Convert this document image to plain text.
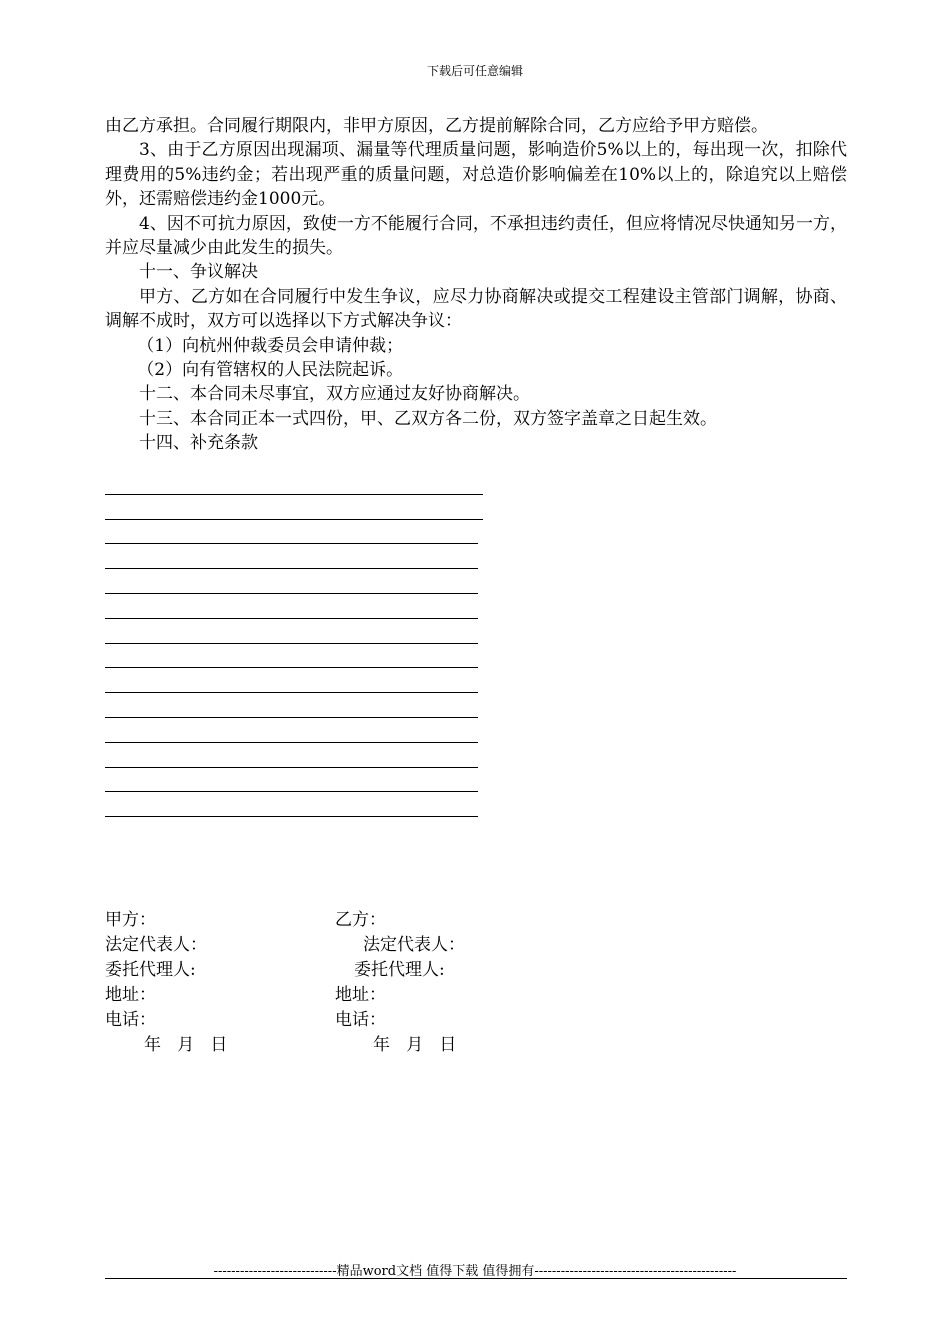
下载后可任意编辑

由乙方承担。合同履行期限内，非甲方原因，乙方提前解除合同，乙方应给予甲方赔偿。

3、由于乙方原因出现漏项、漏量等代理质量问题，影响造价5%以上的，每出现一次，扣除代理费用的5%违约金；若出现严重的质量问题，对总造价影响偏差在10%以上的，除追究以上赔偿外，还需赔偿违约金1000元。

4、因不可抗力原因，致使一方不能履行合同，不承担违约责任，但应将情况尽快通知另一方，并应尽量减少由此发生的损失。

十一、争议解决

甲方、乙方如在合同履行中发生争议，应尽力协商解决或提交工程建设主管部门调解，协商、调解不成时，双方可以选择以下方式解决争议：

（1）向杭州仲裁委员会申请仲裁；

（2）向有管辖权的人民法院起诉。

十二、本合同未尽事宜，双方应通过友好协商解决。

十三、本合同正本一式四份，甲、乙双方各二份，双方签字盖章之日起生效。

十四、补充条款

甲方：
法定代表人：
委托代理人:
地址：
电话：
年   月   日
乙方：
法定代表人：
委托代理人:
地址：
电话：
年   月   日
----------------------------精品word文档 值得下载 值得拥有----------------------------------------------
